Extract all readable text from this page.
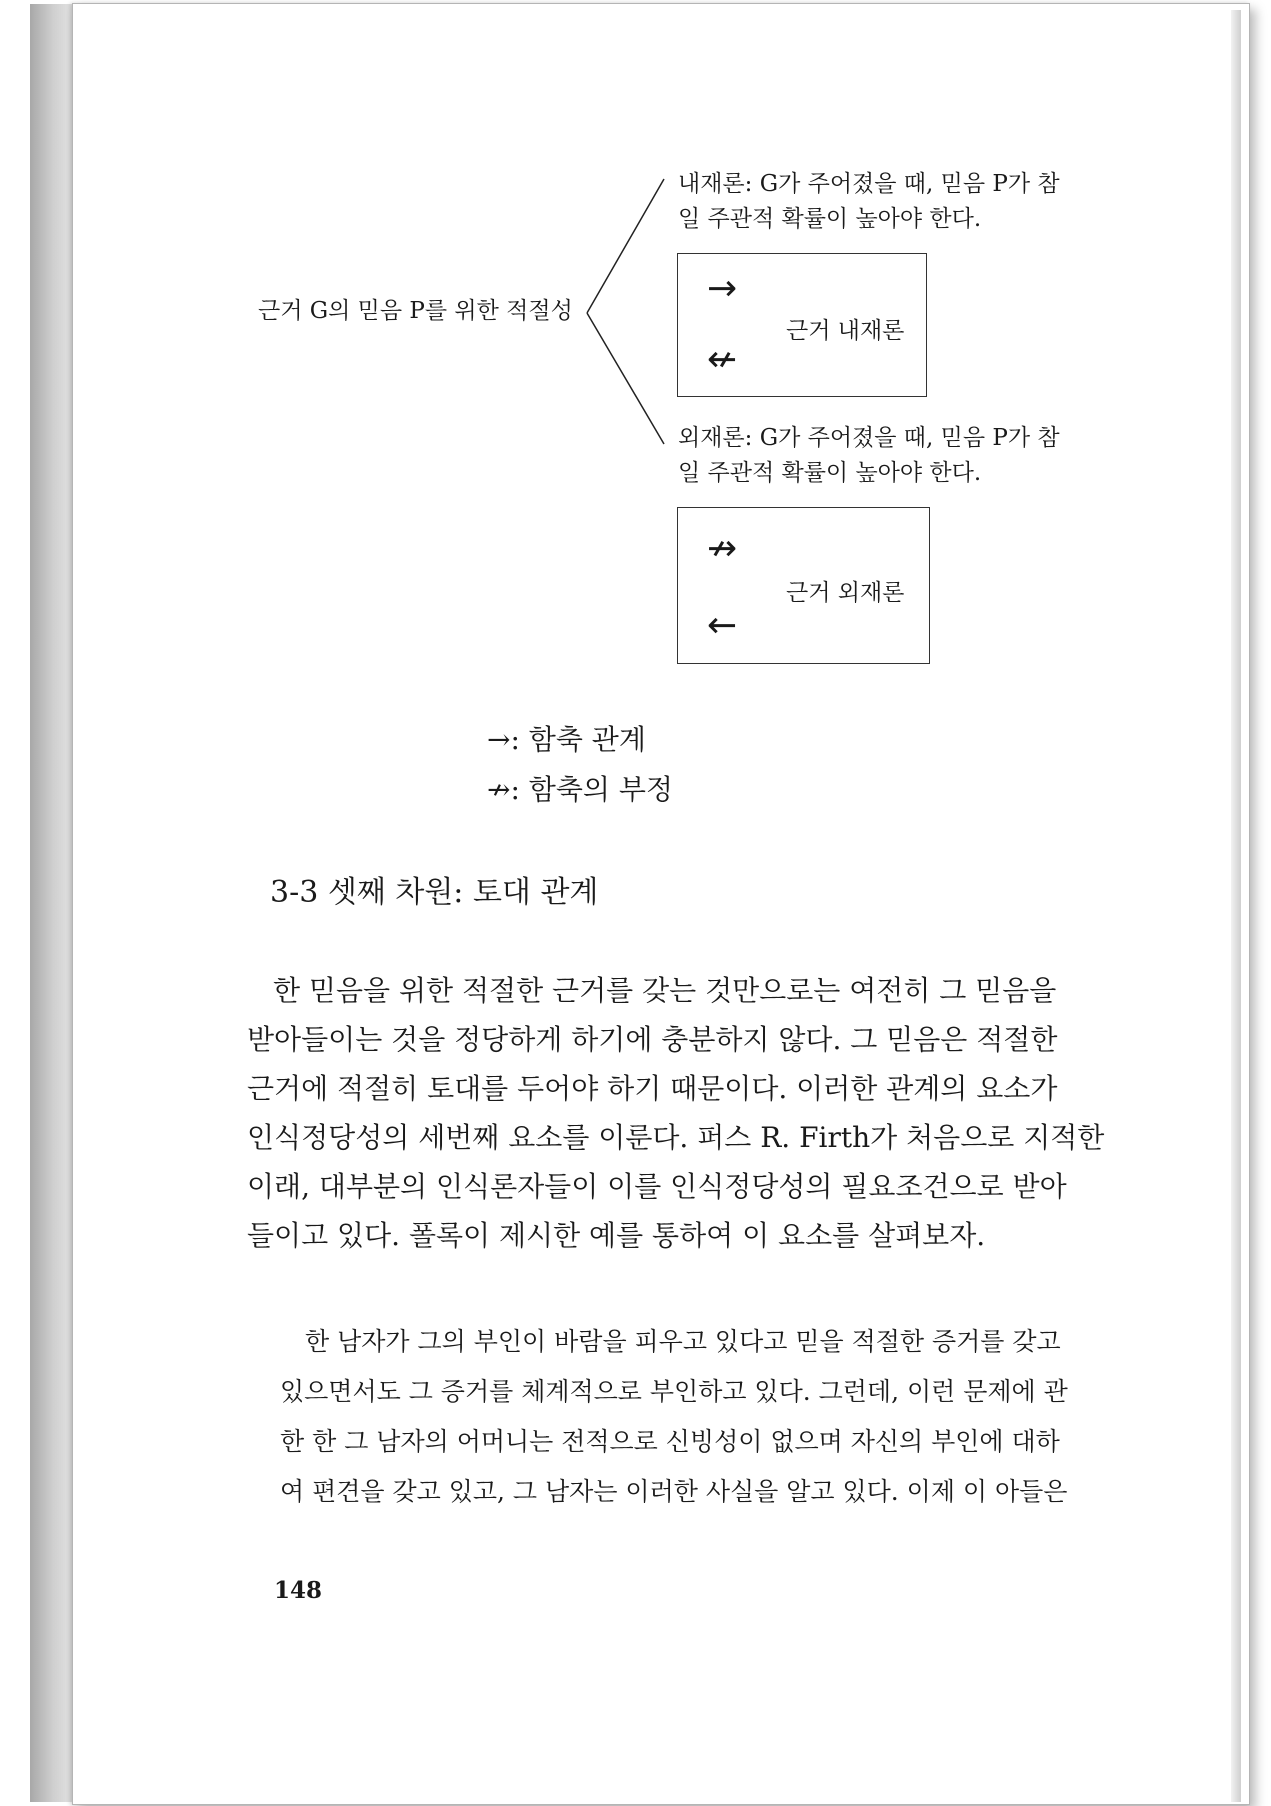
근거 G의 믿음 P를 위한 적절성
내재론: G가 주어졌을 때, 믿음 P가 참
일 주관적 확률이 높아야 한다.
→
근거 내재론
↚
외재론: G가 주어졌을 때, 믿음 P가 참
일 주관적 확률이 높아야 한다.
↛
근거 외재론
←
→: 함축 관계
↛: 함축의 부정
3-3 셋째 차원: 토대 관계
한 믿음을 위한 적절한 근거를 갖는 것만으로는 여전히 그 믿음을
받아들이는 것을 정당하게 하기에 충분하지 않다. 그 믿음은 적절한
근거에 적절히 토대를 두어야 하기 때문이다. 이러한 관계의 요소가
인식정당성의 세번째 요소를 이룬다. 퍼스 R. Firth가 처음으로 지적한
이래, 대부분의 인식론자들이 이를 인식정당성의 필요조건으로 받아
들이고 있다. 폴록이 제시한 예를 통하여 이 요소를 살펴보자.
한 남자가 그의 부인이 바람을 피우고 있다고 믿을 적절한 증거를 갖고
있으면서도 그 증거를 체계적으로 부인하고 있다. 그런데, 이런 문제에 관
한 한 그 남자의 어머니는 전적으로 신빙성이 없으며 자신의 부인에 대하
여 편견을 갖고 있고, 그 남자는 이러한 사실을 알고 있다. 이제 이 아들은
148
